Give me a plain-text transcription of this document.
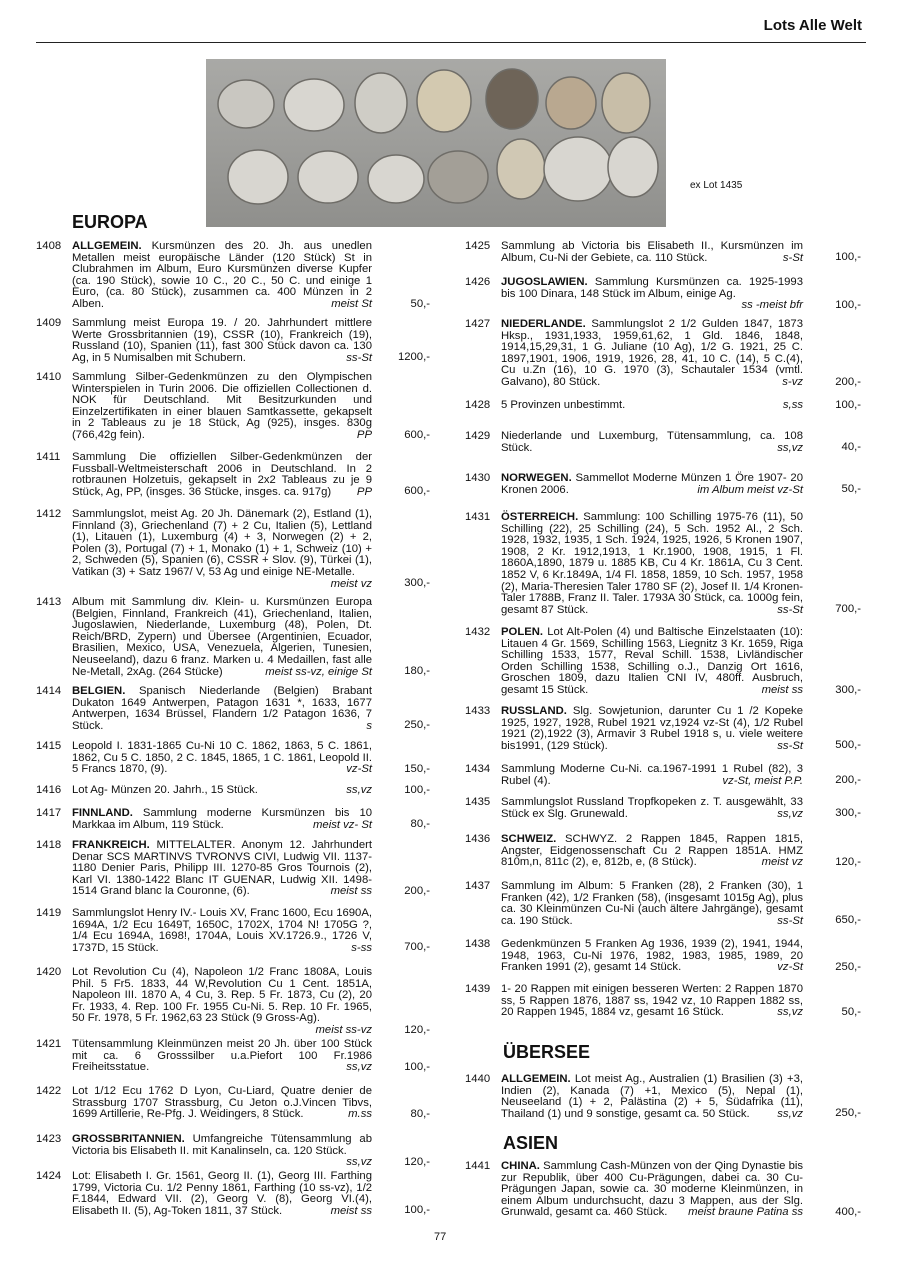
Lots Alle Welt
ex Lot 1435
EUROPA
1408 ALLGEMEIN. Kursmünzen des 20. Jh. aus unedlen Metallen meist europäische Länder (120 Stück) St in Clubrahmen im Album, Euro Kursmünzen diverse Kupfer (ca. 190 Stück), sowie 10 C., 20 C., 50 C. und einige 1 Euro, (ca. 80 Stück), zusammen ca. 400 Münzen in 2 Alben.	meist St	50,-
1409 Sammlung meist Europa 19. / 20. Jahrhundert mittlere Werte Grossbritannien (19), CSSR (10), Frankreich (19), Russland (10), Spanien (11), fast 300 Stück davon ca. 130 Ag, in 5 Numisalben mit Schubern.	ss-St 1200,-
1410 Sammlung Silber-Gedenkmünzen zu den Olympischen Winterspielen in Turin 2006. Die offiziellen Collectionen d. NOK für Deutschland. Mit Besitzurkunden und Einzelzertifikaten in einer blauen Samtkassette, gekapselt in 2 Tableaus zu je 18 Stück, Ag (925), insges. 830g (766,42g fein).	PP	600,-
1411 Sammlung Die offiziellen Silber-Gedenkmünzen der Fussball-Weltmeisterschaft 2006 in Deutschland. In 2 rotbraunen Holzetuis, gekapselt in 2x2 Tableaus zu je 9 Stück, Ag, PP, (insges. 36 Stücke, insges. ca. 917g)	PP	600,-
1412 Sammlungslot, meist Ag. 20 Jh. Dänemark (2), Estland (1), Finnland (3), Griechenland (7) + 2 Cu, Italien (5), Lettland (1), Litauen (1), Luxemburg (4) + 3, Norwegen (2) + 2, Polen (3), Portugal (7) + 1, Monako (1) + 1, Schweiz (10) + 2, Schweden (5), Spanien (6), CSSR + Slov. (9), Türkei (1), Vatikan (3) + Satz 1967/ V, 53 Ag und einige NE-Metalle.
meist vz	300,-
1413 Album mit Sammlung div. Klein- u. Kursmünzen Europa (Belgien, Finnland, Frankreich (41), Griechenland, Italien, Jugoslawien, Niederlande, Luxemburg (48), Polen, Dt. Reich/BRD, Zypern) und Übersee (Argentinien, Ecuador, Brasilien, Mexico, USA, Venezuela, Algerien, Tunesien, Neuseeland), dazu 6 franz. Marken u. 4 Medaillen, fast alle Ne-Metall, 2xAg. (264 Stücke)	meist ss-vz, einige St	180,-
1414 BELGIEN. Spanisch Niederlande (Belgien) Brabant Dukaton 1649 Antwerpen, Patagon 1631 *, 1633, 1677 Antwerpen, 1634 Brüssel, Flandern 1/2 Patagon 1636, 7 Stück.	s	250,-
1415 Leopold I. 1831-1865 Cu-Ni 10 C. 1862, 1863, 5 C. 1861, 1862, Cu 5 C. 1850, 2 C. 1845, 1865, 1 C. 1861, Leopold II. 5 Francs 1870, (9).	vz-St	150,-
1416 Lot Ag- Münzen 20. Jahrh., 15 Stück.	ss,vz	100,-
1417 FINNLAND. Sammlung moderne Kursmünzen bis 10 Markkaa im Album, 119 Stück.	meist vz- St	80,-
1418 FRANKREICH. MITTELALTER. Anonym 12. Jahrhundert Denar SCS MARTINVS TVRONVS CIVI, Ludwig VII. 1137-1180 Denier Paris, Philipp III. 1270-85 Gros Tournois (2), Karl VI. 1380-1422 Blanc IT GUENAR, Ludwig XII. 1498-1514 Grand blanc la Couronne, (6).	meist ss	200,-
1419 Sammlungslot Henry IV.- Louis XV, Franc 1600, Ecu 1690A, 1694A, 1/2 Ecu 1649T, 1650C, 1702X, 1704 N! 1705G ?, 1/4 Ecu 1694A, 1698!, 1704A, Louis XV.1726.9., 1726 V, 1737D, 15 Stück.	s-ss	700,-
1420 Lot Revolution Cu (4), Napoleon 1/2 Franc 1808A, Louis Phil. 5 Fr5. 1833, 44 W,Revolution Cu 1 Cent. 1851A, Napoleon III. 1870 A, 4 Cu, 3. Rep. 5 Fr. 1873, Cu (2), 20 Fr. 1933, 4. Rep. 100 Fr. 1955 Cu-Ni. 5. Rep. 10 Fr. 1965, 50 Fr. 1978, 5 Fr. 1962,63 23 Stück (9 Gross-Ag).
meist ss-vz	120,-
1421 Tütensammlung Kleinmünzen meist 20 Jh. über 100 Stück mit ca. 6 Grosssilber u.a.Piefort 100 Fr.1986 Freiheitsstatue.	ss,vz	100,-
1422 Lot 1/12 Ecu 1762 D Lyon, Cu-Liard, Quatre denier de Strassburg 1707 Strassburg, Cu Jeton o.J.Vincen Tibvs, 1699 Artillerie, Re-Pfg. J. Weidingers, 8 Stück.	m.ss	80,-
1423 GROSSBRITANNIEN. Umfangreiche Tütensammlung ab Victoria bis Elisabeth II. mit Kanalinseln, ca. 120 Stück.
ss,vz	120,-
1424 Lot: Elisabeth I. Gr. 1561, Georg II. (1), Georg III. Farthing 1799, Victoria Cu. 1/2 Penny 1861, Farthing (10 ss-vz), 1/2 F.1844, Edward VII. (2), Georg V. (8), Georg VI.(4), Elisabeth II. (5), Ag-Token 1811, 37 Stück.	meist ss	100,-
ÜBERSEE
ASIEN
1425 Sammlung ab Victoria bis Elisabeth II., Kursmünzen im Album, Cu-Ni der Gebiete, ca. 110 Stück.	s-St	100,-
1426 JUGOSLAWIEN. Sammlung Kursmünzen ca. 1925-1993 bis 100 Dinara, 148 Stück im Album, einige Ag.
ss -meist bfr	100,-
1427 NIEDERLANDE. Sammlungslot 2 1/2 Gulden 1847, 1873 Hksp., 1931,1933, 1959,61,62, 1 Gld. 1846, 1848, 1914,15,29,31, 1 G. Juliane (10 Ag), 1/2 G. 1921, 25 C. 1897,1901, 1906, 1919, 1926, 28, 41, 10 C. (14), 5 C.(4), Cu u.Zn (16), 10 G. 1970 (3), Schautaler 1534 (vmtl. Galvano), 80 Stück.	s-vz	200,-
1428 5 Provinzen unbestimmt.	s,ss	100,-
1429 Niederlande und Luxemburg, Tütensammlung, ca. 108 Stück.	ss,vz	40,-
1430 NORWEGEN. Sammellot Moderne Münzen 1 Öre 1907- 20 Kronen 2006.	im Album meist vz-St	50,-
1431 ÖSTERREICH. Sammlung: 100 Schilling 1975-76 (11), 50 Schilling (22), 25 Schilling (24), 5 Sch. 1952 Al., 2 Sch. 1928, 1932, 1935, 1 Sch. 1924, 1925, 1926, 5 Kronen 1907, 1908, 2 Kr. 1912,1913, 1 Kr.1900, 1908, 1915, 1 Fl. 1860A,1890, 1879 u. 1885 KB, Cu 4 Kr. 1861A, Cu 3 Cent. 1852 V, 6 Kr.1849A, 1/4 Fl. 1858, 1859, 10 Sch. 1957, 1958 (2), Maria-Theresien Taler 1780 SF (2), Josef II. 1/4 Kronen- Taler 1788B, Franz II. Taler. 1793A 30 Stück, ca. 1000g fein, gesamt 87 Stück.	ss-St	700,-
1432 POLEN. Lot Alt-Polen (4) und Baltische Einzelstaaten (10): Litauen 4 Gr. 1569, Schilling 1563, Liegnitz 3 Kr. 1659, Riga Schilling 1533, 1577, Reval Schill. 1538, Livländischer Orden Schilling 1538, Schilling o.J., Danzig Ort 1616, Groschen 1809, dazu Italien CNI IV, 480ff. Ausbruch, gesamt 15 Stück.	meist ss	300,-
1433 RUSSLAND. Slg. Sowjetunion, darunter Cu 1 /2 Kopeke 1925, 1927, 1928, Rubel 1921 vz,1924 vz-St (4), 1/2 Rubel 1921 (2),1922 (3), Armavir 3 Rubel 1918 s, u. viele weitere bis1991, (129 Stück).	ss-St	500,-
1434 Sammlung Moderne Cu-Ni. ca.1967-1991 1 Rubel (82), 3 Rubel (4).	vz-St, meist P.P.	200,-
1435 Sammlungslot Russland Tropfkopeken z. T. ausgewählt, 33 Stück ex Slg. Grunewald.	ss,vz	300,-
1436 SCHWEIZ. SCHWYZ. 2 Rappen 1845, Rappen 1815, Angster, Eidgenossenschaft Cu 2 Rappen 1851A. HMZ 810m,n, 811c (2), e, 812b, e, (8 Stück).	meist vz	120,-
1437 Sammlung im Album: 5 Franken (28), 2 Franken (30), 1 Franken (42), 1/2 Franken (58), (insgesamt 1015g Ag), plus ca. 30 Kleinmünzen Cu-Ni (auch ältere Jahrgänge), gesamt ca. 190 Stück.	ss-St	650,-
1438 Gedenkmünzen 5 Franken Ag 1936, 1939 (2), 1941, 1944, 1948, 1963, Cu-Ni 1976, 1982, 1983, 1985, 1989, 20 Franken 1991 (2), gesamt 14 Stück.	vz-St	250,-
1439 1- 20 Rappen mit einigen besseren Werten: 2 Rappen 1870 ss, 5 Rappen 1876, 1887 ss, 1942 vz, 10 Rappen 1882 ss, 20 Rappen 1945, 1884 vz, gesamt 16 Stück.	ss,vz	50,-
1440 ALLGEMEIN. Lot meist Ag., Australien (1) Brasilien (3) +3, Indien (2), Kanada (7) +1, Mexico (5), Nepal (1), Neuseeland (1) + 2, Palästina (2) + 5, Südafrika (11), Thailand (1) und 9 sonstige, gesamt ca. 50 Stück.	ss,vz	250,-
1441 CHINA. Sammlung Cash-Münzen von der Qing Dynastie bis zur Republik, über 400 Cu-Prägungen, dabei ca. 30 Cu-Prägungen Japan, sowie ca. 30 moderne Kleinmünzen, in einem Album undurchsucht, dazu 3 Mappen, aus der Slg. Grunwald, gesamt ca. 460 Stück.	meist braune Patina ss	400,-
77
